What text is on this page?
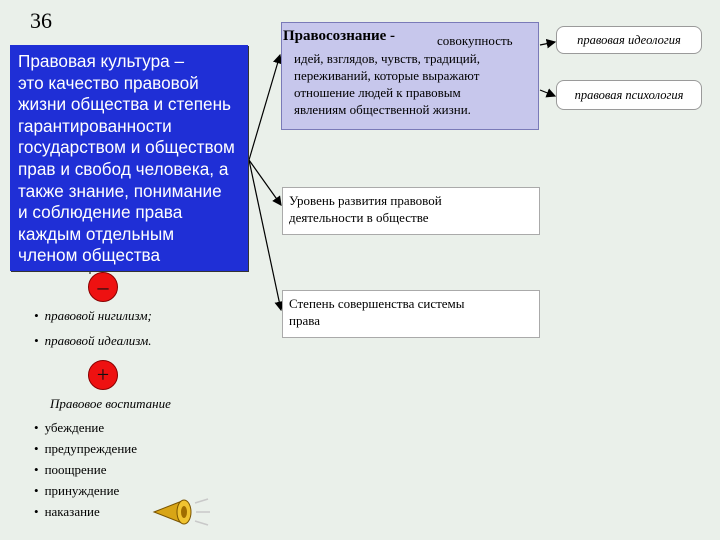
36
Правовая культура –
это качество правовой
жизни общества и степень
гарантированности
государством и обществом
прав и свобод человека, а
также знание, понимание
и соблюдение права
каждым отдельным
членом общества
–
• правовой нигилизм;
• правовой идеализм.
+
Правовое воспитание
• убеждение
• предупреждение
• поощрение
• принуждение
• наказание
Правосознание -	совокупность
идей, взглядов, чувств, традиций,
переживаний, которые выражают
отношение людей к правовым
явлениям общественной жизни.
Уровень развития правовой
деятельности в обществе
Степень совершенства системы
права
правовая идеология
правовая психология
